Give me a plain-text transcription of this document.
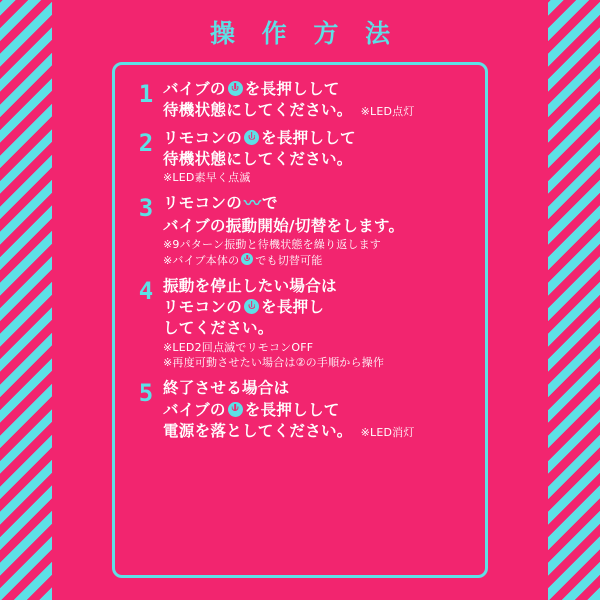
操 作 方 法
1 バイブの を長押しして
待機状態にしてください。 ※LED点灯
2 リモコンの を長押しして
待機状態にしてください。
※LED素早く点滅
3 リモコンの 〰 で
バイブの振動開始/切替をします。
※9パターン振動と待機状態を繰り返します
※バイブ本体の でも切替可能
4 振動を停止したい場合は
リモコンの を長押し
してください。
※LED2回点滅でリモコンOFF
※再度可動させたい場合は②の手順から操作
5 終了させる場合は
バイブの を長押しして
電源を落としてください。 ※LED消灯
